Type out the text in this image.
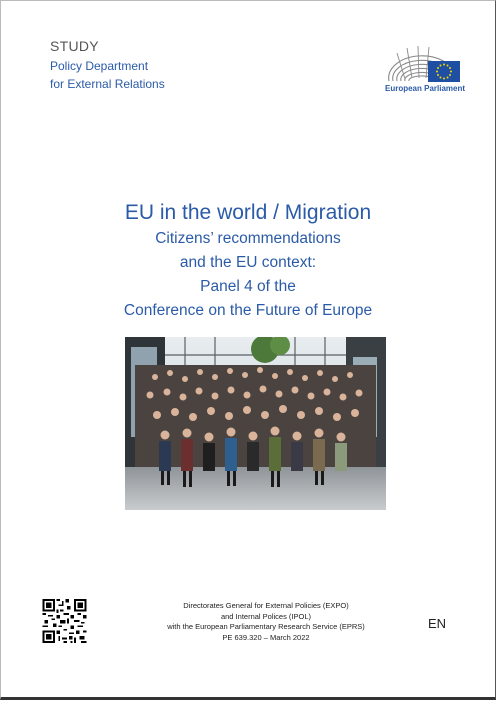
STUDY
Policy Department
for External Relations	European Parliament
EU in the world / Migration
Citizens’ recommendations
and the EU context:
Panel 4 of the
Conference on the Future of Europe
Directorates General for External Policies (EXPO)
and Internal Polices (IPOL)
with the European Parliamentary Research Service (EPRS)
PE 639.320 – March 2022
EN
